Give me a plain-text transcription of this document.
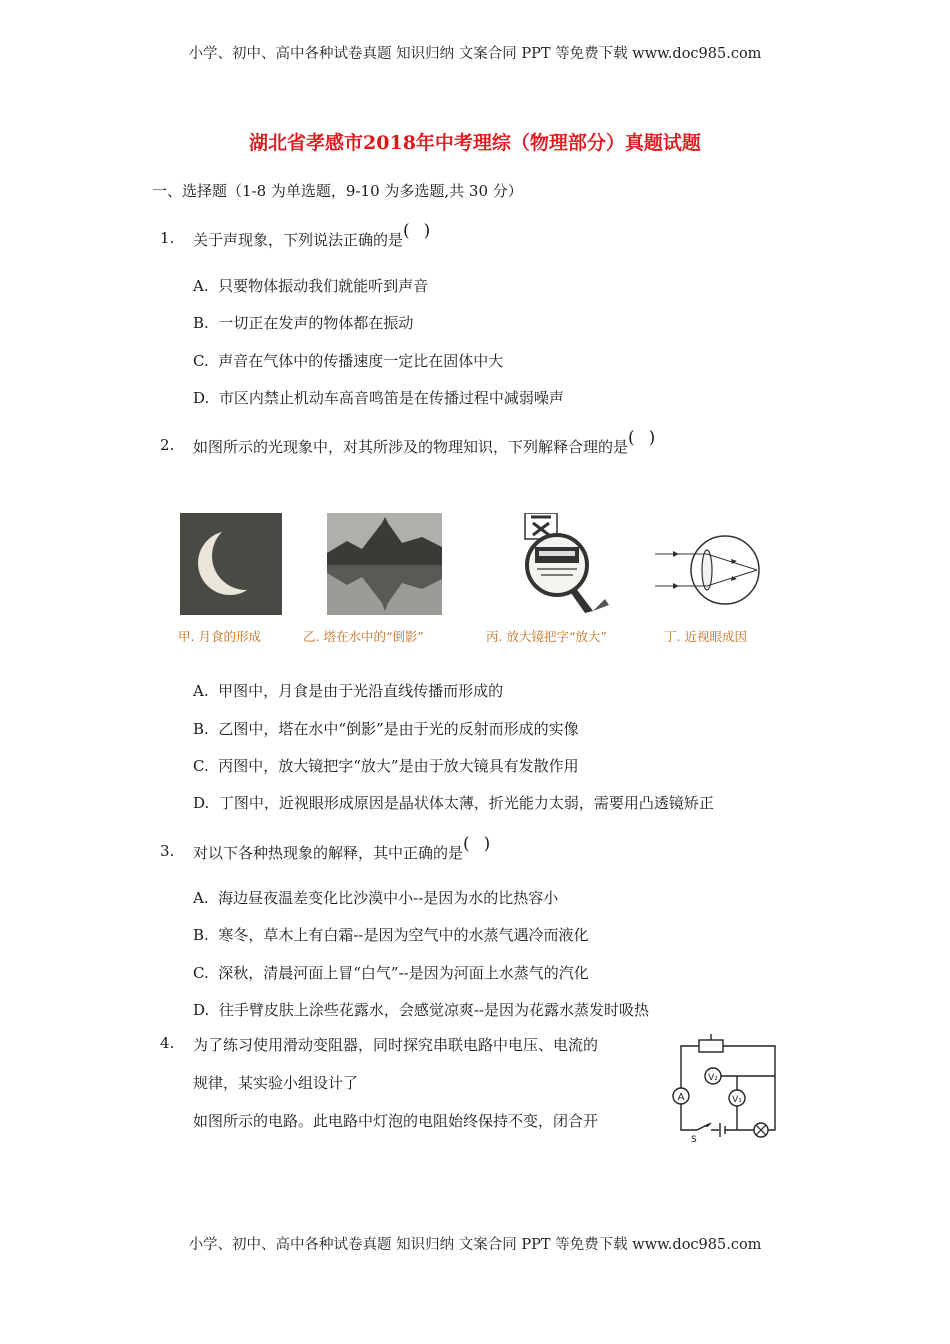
小学、初中、高中各种试卷真题 知识归纳 文案合同 PPT 等免费下载 www.doc985.com
小学、初中、高中各种试卷真题 知识归纳 文案合同 PPT 等免费下载 www.doc985.com
湖北省孝感市2018年中考理综（物理部分）真题试题
一、选择题（1-8 为单选题，9-10 为多选题,共 30 分）
1. 关于声现象，下列说法正确的是()
A. 只要物体振动我们就能听到声音
B. 一切正在发声的物体都在振动
C. 声音在气体中的传播速度一定比在固体中大
D. 市区内禁止机动车高音鸣笛是在传播过程中减弱噪声
2. 如图所示的光现象中，对其所涉及的物理知识，下列解释合理的是()
甲. 月食的形成	乙. 塔在水中的“倒影”	丙. 放大镜把字“放大”	丁. 近视眼成因
A. 甲图中，月食是由于光沿直线传播而形成的
B. 乙图中，塔在水中“倒影”是由于光的反射而形成的实像
C. 丙图中，放大镜把字“放大”是由于放大镜具有发散作用
D. 丁图中，近视眼形成原因是晶状体太薄，折光能力太弱，需要用凸透镜矫正
3. 对以下各种热现象的解释，其中正确的是()
A. 海边昼夜温差变化比沙漠中小--是因为水的比热容小
B. 寒冬，草木上有白霜--是因为空气中的水蒸气遇冷而液化
C. 深秋，清晨河面上冒“白气”--是因为河面上水蒸气的汽化
D. 往手臂皮肤上涂些花露水，会感觉凉爽--是因为花露水蒸发时吸热
4. 为了练习使用滑动变阻器，同时探究串联电路中电压、电流的
规律，某实验小组设计了
如图所示的电路。此电路中灯泡的电阻始终保持不变，闭合开
A
V₂
V₁
S
